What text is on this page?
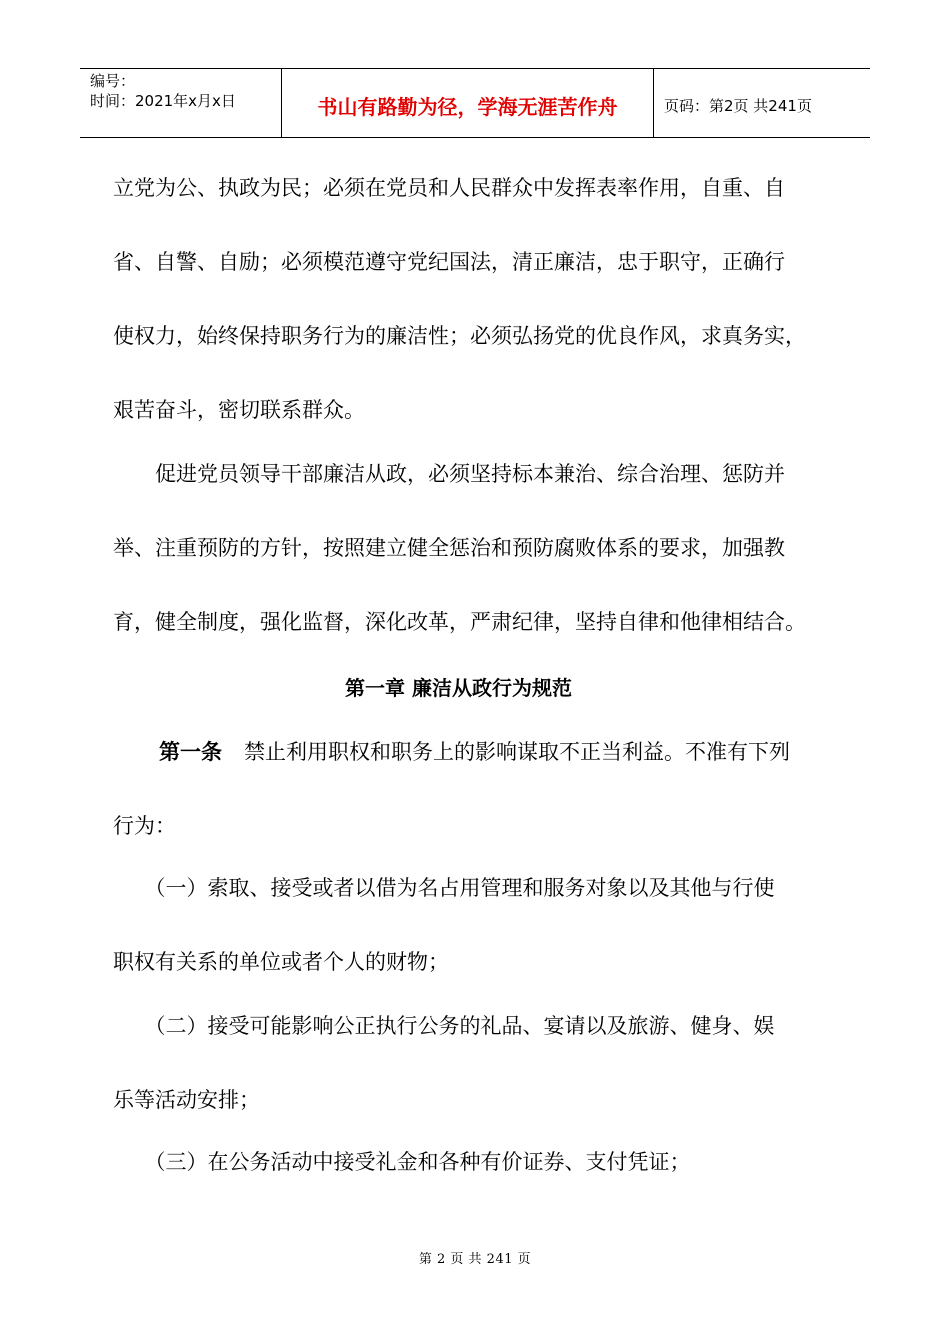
编号：
时间：2021年x月x日	书山有路勤为径，学海无涯苦作舟	页码：第2页 共241页
立党为公、执政为民；必须在党员和人民群众中发挥表率作用，自重、自
省、自警、自励；必须模范遵守党纪国法，清正廉洁，忠于职守，正确行
使权力，始终保持职务行为的廉洁性；必须弘扬党的优良作风，求真务实，
艰苦奋斗，密切联系群众。
　　促进党员领导干部廉洁从政，必须坚持标本兼治、综合治理、惩防并
举、注重预防的方针，按照建立健全惩治和预防腐败体系的要求，加强教
育，健全制度，强化监督，深化改革，严肃纪律，坚持自律和他律相结合。
第一章 廉洁从政行为规范
第一条 禁止利用职权和职务上的影响谋取不正当利益。不准有下列
行为：
　　（一）索取、接受或者以借为名占用管理和服务对象以及其他与行使
职权有关系的单位或者个人的财物；
　　（二）接受可能影响公正执行公务的礼品、宴请以及旅游、健身、娱
乐等活动安排；
　　（三）在公务活动中接受礼金和各种有价证券、支付凭证；
第 2 页 共 241 页
